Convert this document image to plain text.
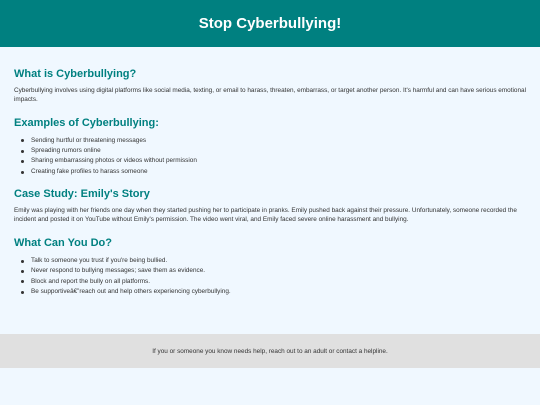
Stop Cyberbullying!
What is Cyberbullying?

Cyberbullying involves using digital platforms like social media, texting, or email to harass, threaten, embarrass, or target another person. It's harmful and can have serious emotional impacts.

Examples of Cyberbullying:
Sending hurtful or threatening messages
Spreading rumors online
Sharing embarrassing photos or videos without permission
Creating fake profiles to harass someone
Case Study: Emily's Story

Emily was playing with her friends one day when they started pushing her to participate in pranks. Emily pushed back against their pressure. Unfortunately, someone recorded the incident and posted it on YouTube without Emily's permission. The video went viral, and Emily faced severe online harassment and bullying.

What Can You Do?
Talk to someone you trust if you're being bullied.
Never respond to bullying messages; save them as evidence.
Block and report the bully on all platforms.
Be supportiveâ€”reach out and help others experiencing cyberbullying.
If you or someone you know needs help, reach out to an adult or contact a helpline.
